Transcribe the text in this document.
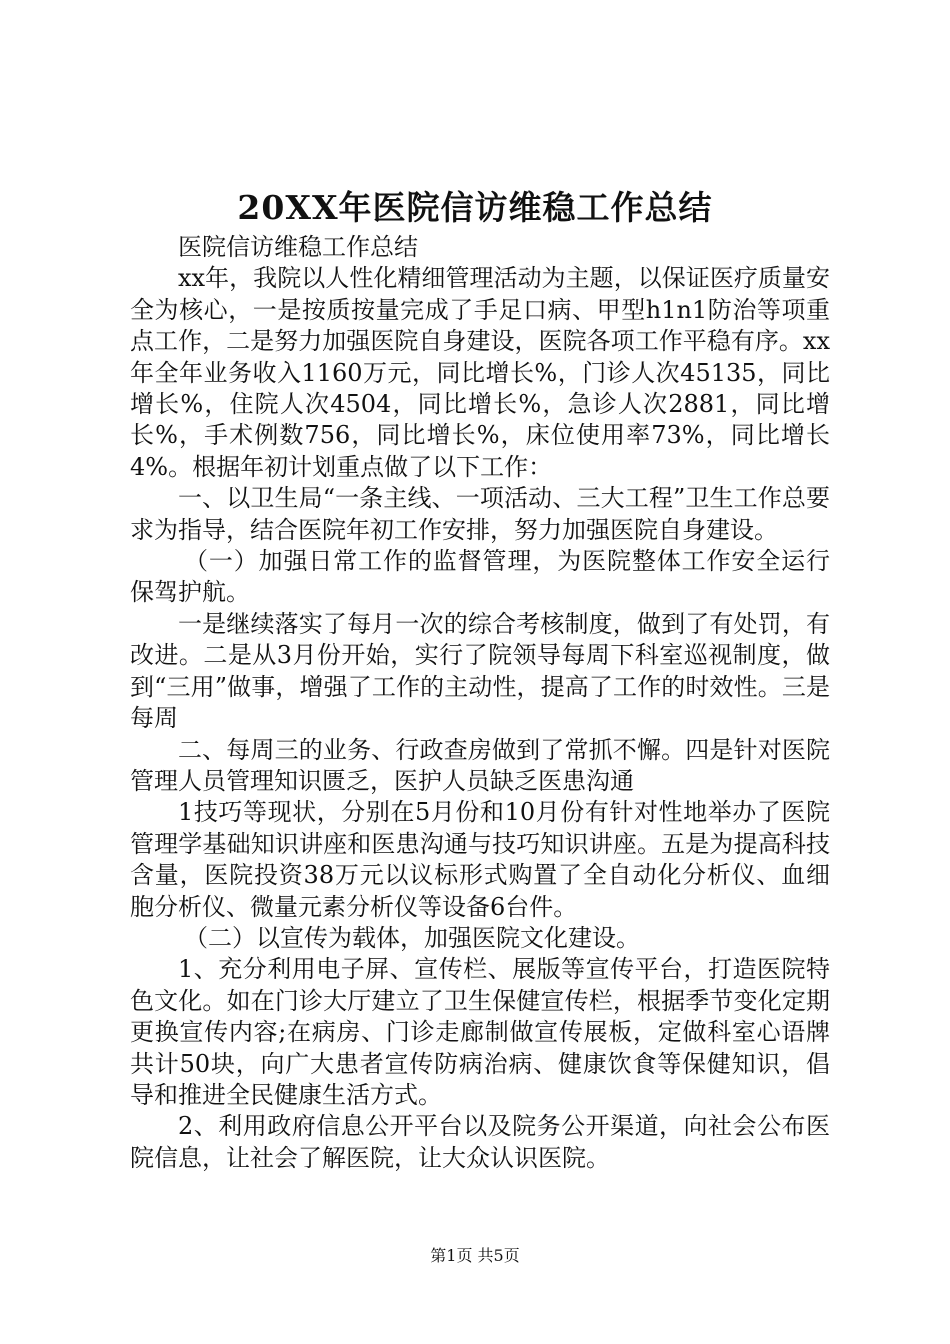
20XX年医院信访维稳工作总结

医院信访维稳工作总结

xx年，我院以人性化精细管理活动为主题，以保证医疗质量安全为核心，一是按质按量完成了手足口病、甲型h1n1防治等项重点工作，二是努力加强医院自身建设，医院各项工作平稳有序。xx年全年业务收入1160万元，同比增长%，门诊人次45135，同比增长%，住院人次4504，同比增长%，急诊人次2881，同比增长%，手术例数756，同比增长%，床位使用率73%，同比增长4%。根据年初计划重点做了以下工作：

一、以卫生局“一条主线、一项活动、三大工程”卫生工作总要求为指导，结合医院年初工作安排，努力加强医院自身建设。

（一）加强日常工作的监督管理，为医院整体工作安全运行保驾护航。

一是继续落实了每月一次的综合考核制度，做到了有处罚，有改进。二是从3月份开始，实行了院领导每周下科室巡视制度，做到“三用”做事，增强了工作的主动性，提高了工作的时效性。三是每周

二、每周三的业务、行政查房做到了常抓不懈。四是针对医院管理人员管理知识匮乏，医护人员缺乏医患沟通

1技巧等现状，分别在5月份和10月份有针对性地举办了医院管理学基础知识讲座和医患沟通与技巧知识讲座。五是为提高科技含量，医院投资38万元以议标形式购置了全自动化分析仪、血细胞分析仪、微量元素分析仪等设备6台件。

（二）以宣传为载体，加强医院文化建设。

1、充分利用电子屏、宣传栏、展版等宣传平台，打造医院特色文化。如在门诊大厅建立了卫生保健宣传栏，根据季节变化定期更换宣传内容;在病房、门诊走廊制做宣传展板，定做科室心语牌共计50块，向广大患者宣传防病治病、健康饮食等保健知识，倡导和推进全民健康生活方式。

2、利用政府信息公开平台以及院务公开渠道，向社会公布医院信息，让社会了解医院，让大众认识医院。

第1页 共5页
